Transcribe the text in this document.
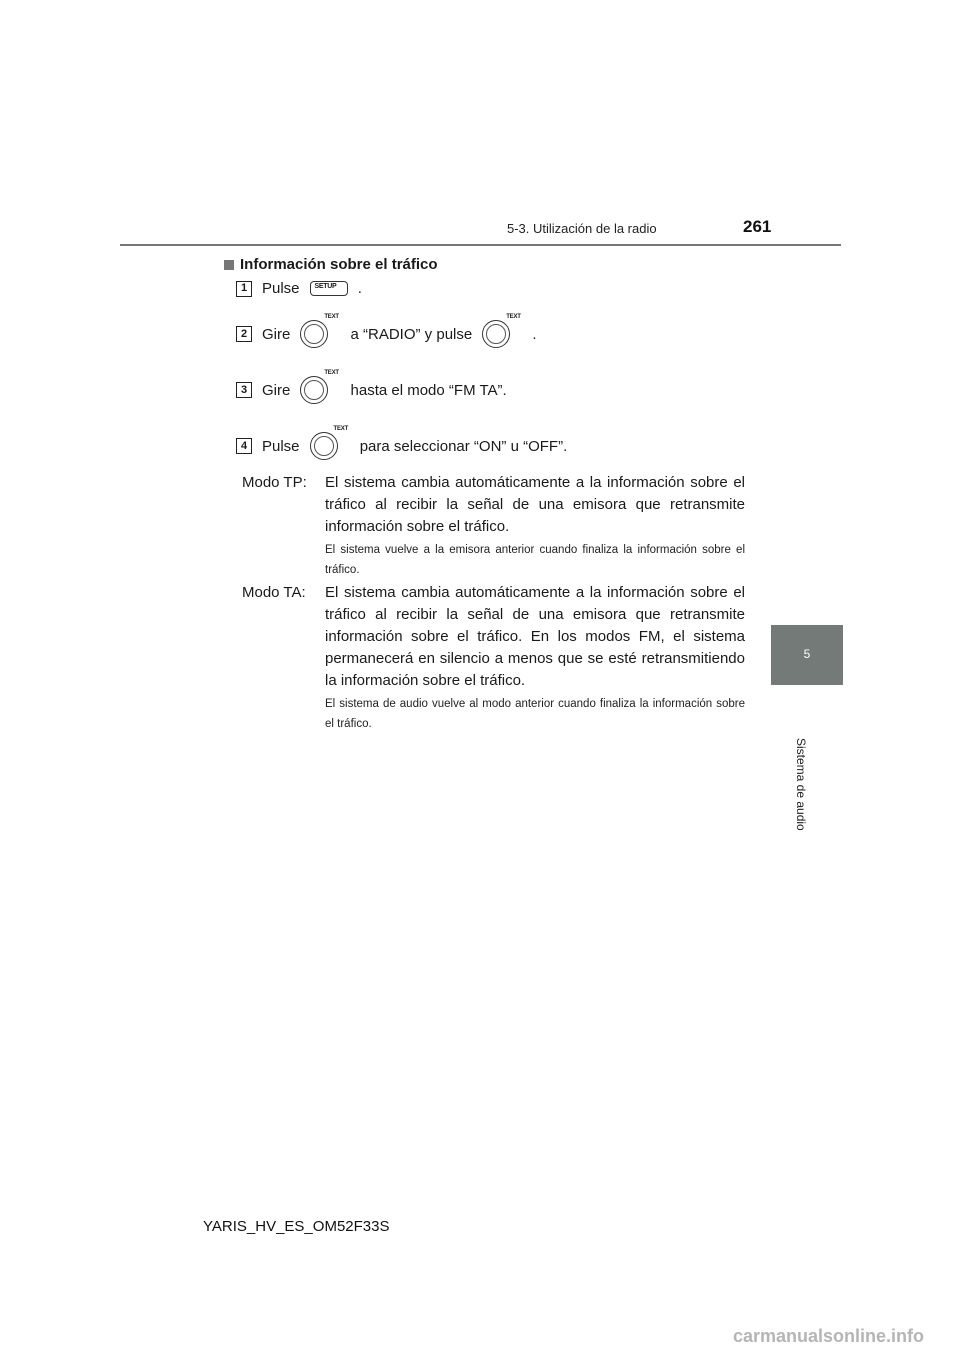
5-3. Utilización de la radio	261
5
Sistema de audio
Información sobre el tráfico
1 Pulse SETUP .
2 Gire
TEXT
a “RADIO” y pulse
TEXT
.
3 Gire
TEXT
hasta el modo “FM TA”.
4 Pulse
TEXT
para seleccionar “ON” u “OFF”.
Modo TP: El sistema cambia automáticamente a la información sobre el tráfico al recibir la señal de una emisora que retransmite información sobre el tráfico.
El sistema vuelve a la emisora anterior cuando finaliza la información sobre el tráfico.
Modo TA: El sistema cambia automáticamente a la información sobre el tráfico al recibir la señal de una emisora que retransmite información sobre el tráfico. En los modos FM, el sistema permanecerá en silencio a menos que se esté retransmitiendo la información sobre el tráfico.
El sistema de audio vuelve al modo anterior cuando finaliza la información sobre el tráfico.
YARIS_HV_ES_OM52F33S
carmanualsonline.info
